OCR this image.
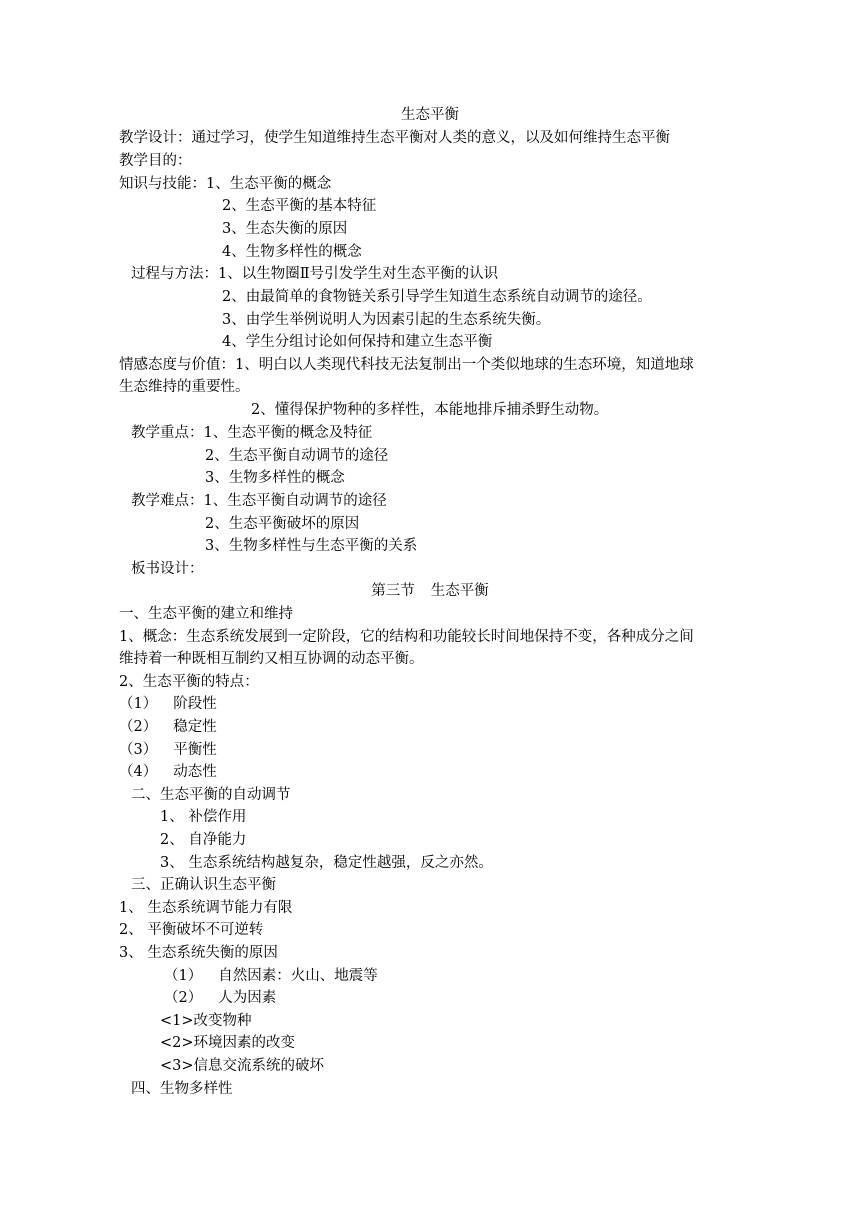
生态平衡
教学设计：通过学习，使学生知道维持生态平衡对人类的意义，以及如何维持生态平衡
教学目的：
知识与技能：1、生态平衡的概念
2、生态平衡的基本特征
3、生态失衡的原因
4、生物多样性的概念
过程与方法：1、以生物圈Ⅱ号引发学生对生态平衡的认识
2、由最简单的食物链关系引导学生知道生态系统自动调节的途径。
3、由学生举例说明人为因素引起的生态系统失衡。
4、学生分组讨论如何保持和建立生态平衡
情感态度与价值：1、明白以人类现代科技无法复制出一个类似地球的生态环境，知道地球
生态维持的重要性。
2、懂得保护物种的多样性，本能地排斥捕杀野生动物。
教学重点：1、生态平衡的概念及特征
2、生态平衡自动调节的途径
3、生物多样性的概念
教学难点：1、生态平衡自动调节的途径
2、生态平衡破坏的原因
3、生物多样性与生态平衡的关系
板书设计：
第三节 生态平衡
一、生态平衡的建立和维持
1、概念：生态系统发展到一定阶段，它的结构和功能较长时间地保持不变，各种成分之间
维持着一种既相互制约又相互协调的动态平衡。
2、生态平衡的特点：
（1） 阶段性
（2） 稳定性
（3） 平衡性
（4） 动态性
二、生态平衡的自动调节
1、 补偿作用
2、 自净能力
3、 生态系统结构越复杂，稳定性越强，反之亦然。
三、正确认识生态平衡
1、 生态系统调节能力有限
2、 平衡破坏不可逆转
3、 生态系统失衡的原因
（1） 自然因素：火山、地震等
（2） 人为因素
<1>改变物种
<2>环境因素的改变
<3>信息交流系统的破坏
四、生物多样性
